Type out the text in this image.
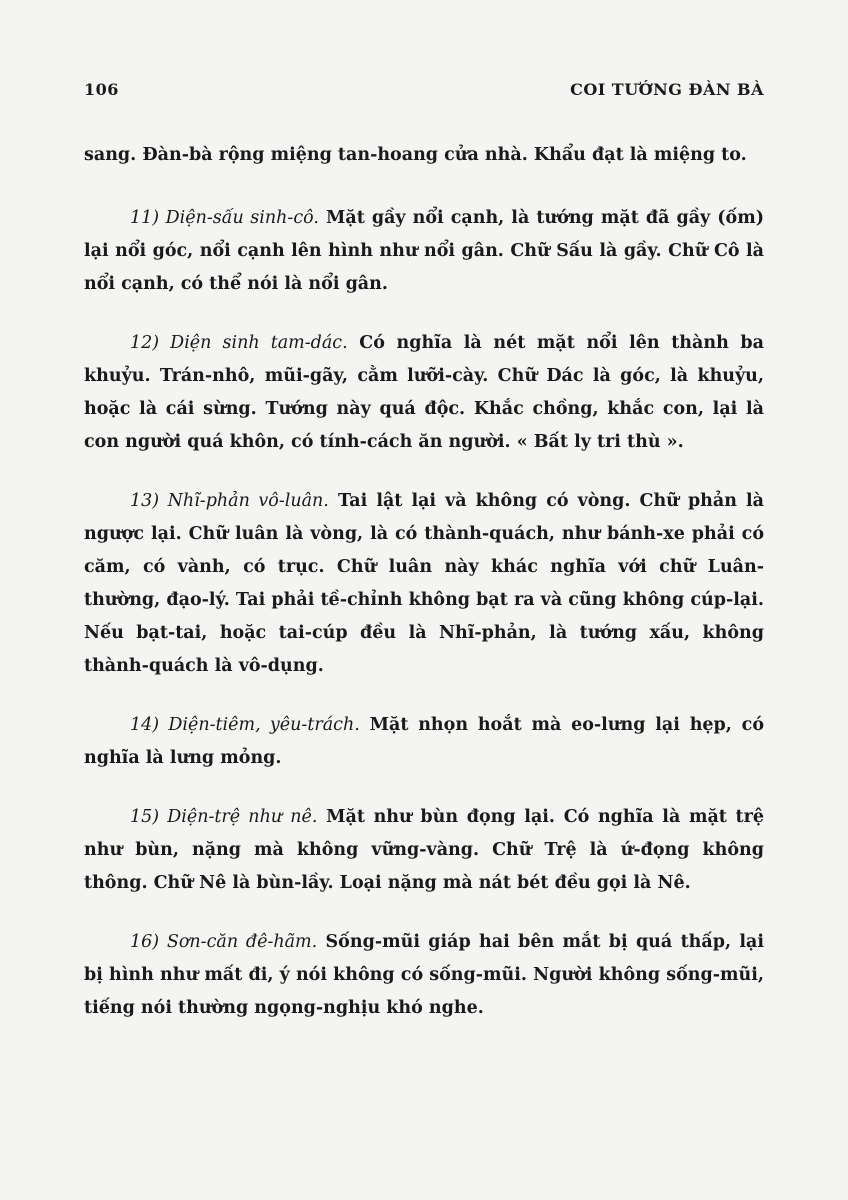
106	COI TƯỚNG ĐÀN BÀ

sang. Đàn-bà rộng miệng tan-hoang cửa nhà. Khẩu đạt là miệng to.

11) Diện-sấu sinh-cô. Mặt gầy nổi cạnh, là tướng mặt đã gầy (ốm) lại nổi góc, nổi cạnh lên hình như nổi gân. Chữ Sấu là gầy. Chữ Cô là nổi cạnh, có thể nói là nổi gân.

12) Diện sinh tam-dác. Có nghĩa là nét mặt nổi lên thành ba khuỷu. Trán-nhô, mũi-gãy, cằm lưỡi-cày. Chữ Dác là góc, là khuỷu, hoặc là cái sừng. Tướng này quá độc. Khắc chồng, khắc con, lại là con người quá khôn, có tính-cách ăn người. « Bất ly tri thù ».

13) Nhĩ-phản vô-luân. Tai lật lại và không có vòng. Chữ phản là ngược lại. Chữ luân là vòng, là có thành-quách, như bánh-xe phải có căm, có vành, có trục. Chữ luân này khác nghĩa với chữ Luân-thường, đạo-lý. Tai phải tề-chỉnh không bạt ra và cũng không cúp-lại. Nếu bạt-tai, hoặc tai-cúp đều là Nhĩ-phản, là tướng xấu, không thành-quách là vô-dụng.

14) Diện-tiêm, yêu-trách. Mặt nhọn hoắt mà eo-lưng lại hẹp, có nghĩa là lưng mỏng.

15) Diện-trệ như nê. Mặt như bùn đọng lại. Có nghĩa là mặt trệ như bùn, nặng mà không vững-vàng. Chữ Trệ là ứ-đọng không thông. Chữ Nê là bùn-lầy. Loại nặng mà nát bét đều gọi là Nê.

16) Sơn-căn đê-hãm. Sống-mũi giáp hai bên mắt bị quá thấp, lại bị hình như mất đi, ý nói không có sống-mũi. Người không sống-mũi, tiếng nói thường ngọng-nghịu khó nghe.
